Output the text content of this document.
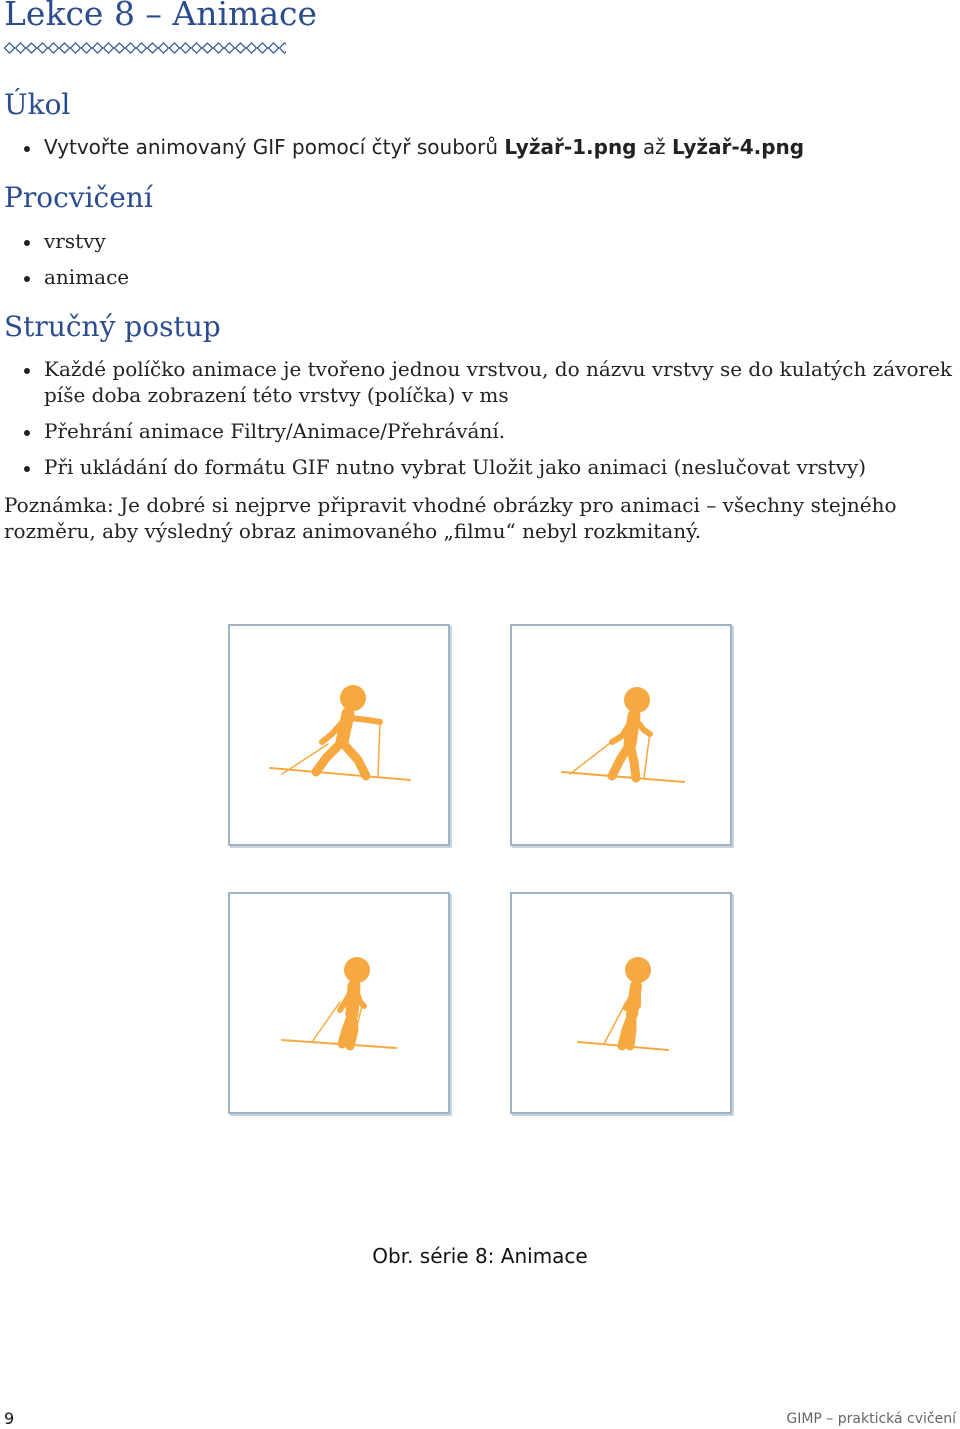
Lekce 8 – Animace
Úkol
Vytvořte animovaný GIF pomocí čtyř souborů Lyžař-1.png až Lyžař-4.png
Procvičení
vrstvy
animace
Stručný postup
Každé políčko animace je tvořeno jednou vrstvou, do názvu vrstvy se do kulatých závorek píše doba zobrazení této vrstvy (políčka) v ms
Přehrání animace Filtry/Animace/Přehrávání.
Při ukládání do formátu GIF nutno vybrat Uložit jako animaci (neslučovat vrstvy)

Poznámka: Je dobré si nejprve připravit vhodné obrázky pro animaci – všechny stejného rozměru, aby výsledný obraz animovaného „filmu“ nebyl rozkmitaný.

Obr. série 8: Animace
9	GIMP – praktická cvičení
